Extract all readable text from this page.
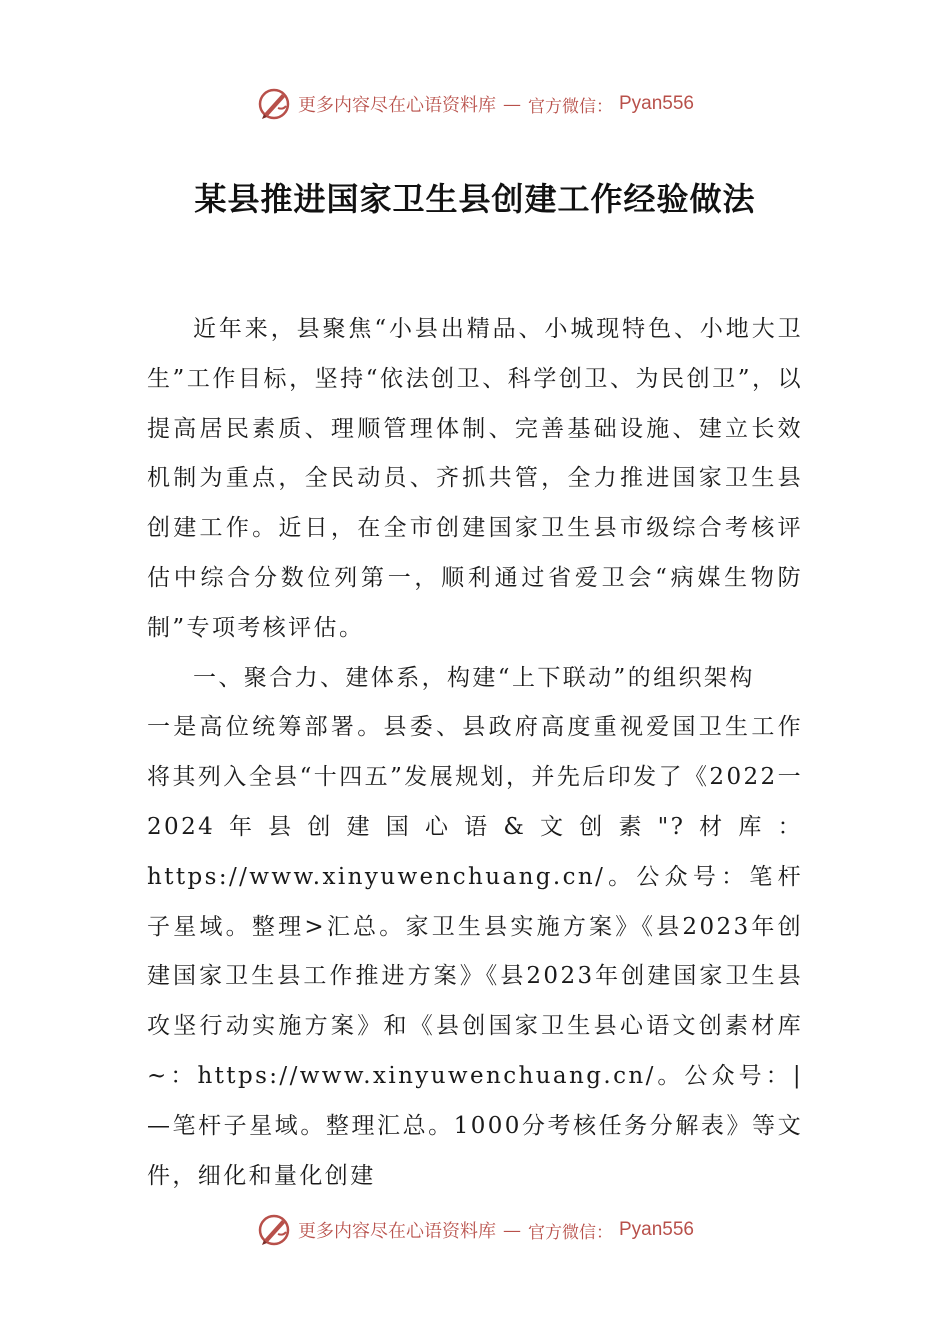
更多内容尽在心语资料库 — 官方微信： Pyan556
某县推进国家卫生县创建工作经验做法

近年来，县聚焦“小县出精品、小城现特色、小地大卫生”工作目标，坚持“依法创卫、科学创卫、为民创卫”，以提高居民素质、理顺管理体制、完善基础设施、建立长效机制为重点，全民动员、齐抓共管，全力推进国家卫生县创建工作。近日，在全市创建国家卫生县市级综合考核评估中综合分数位列第一，顺利通过省爱卫会“病媒生物防制”专项考核评估。

一、聚合力、建体系，构建“上下联动”的组织架构

一是高位统筹部署。县委、县政府高度重视爱国卫生工作将其列入全县“十四五”发展规划，并先后印发了《2022一2024年县创建国心语&文创素"?材库：https://www.xinyuwenchuang.cn/。公众号：笔杆子星域。整理>汇总。家卫生县实施方案》《县2023年创建国家卫生县工作推进方案》《县2023年创建国家卫生县攻坚行动实施方案》和《县创国家卫生县心语文创素材库~：https://www.xinyuwenchuang.cn/。公众号：|—笔杆子星域。整理汇总。1000分考核任务分解表》等文件，细化和量化创建

更多内容尽在心语资料库 — 官方微信： Pyan556
